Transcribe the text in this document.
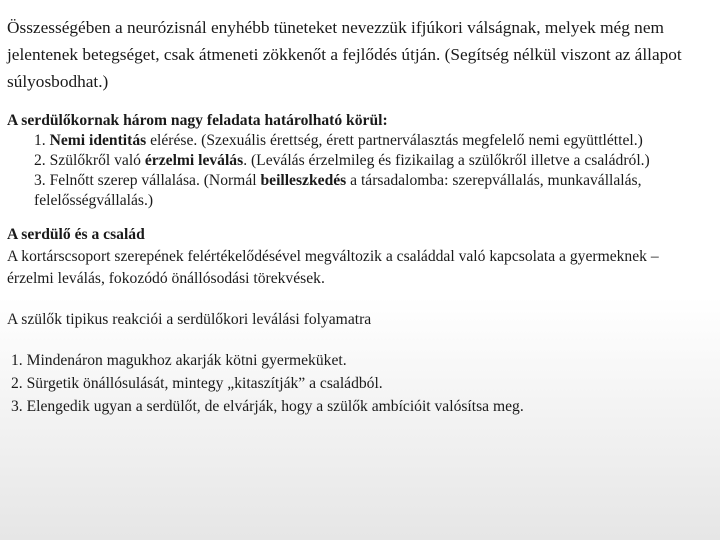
Összességében a neurózisnál enyhébb tüneteket nevezzük ifjúkori válságnak, melyek még nem jelentenek betegséget, csak átmeneti zökkenőt a fejlődés útján. (Segítség nélkül viszont az állapot súlyosbodhat.)

A serdülőkornak három nagy feladata határolható körül:
1. Nemi identitás elérése. (Szexuális érettség, érett partnerválasztás megfelelő nemi együttléttel.)
2. Szülőkről való érzelmi leválás. (Leválás érzelmileg és fizikailag a szülőkről illetve a családról.)
3. Felnőtt szerep vállalása. (Normál beilleszkedés a társadalomba: szerepvállalás, munkavállalás, felelősségvállalás.)
A serdülő és a család
A kortárscsoport szerepének felértékelődésével megváltozik a családdal való kapcsolata a gyermeknek – érzelmi leválás, fokozódó önállósodási törekvések.
A szülők tipikus reakciói a serdülőkori leválási folyamatra
1. Mindenáron magukhoz akarják kötni gyermeküket.
2. Sürgetik önállósulását, mintegy „kitaszítják” a családból.
3. Elengedik ugyan a serdülőt, de elvárják, hogy a szülők ambícióit valósítsa meg.
